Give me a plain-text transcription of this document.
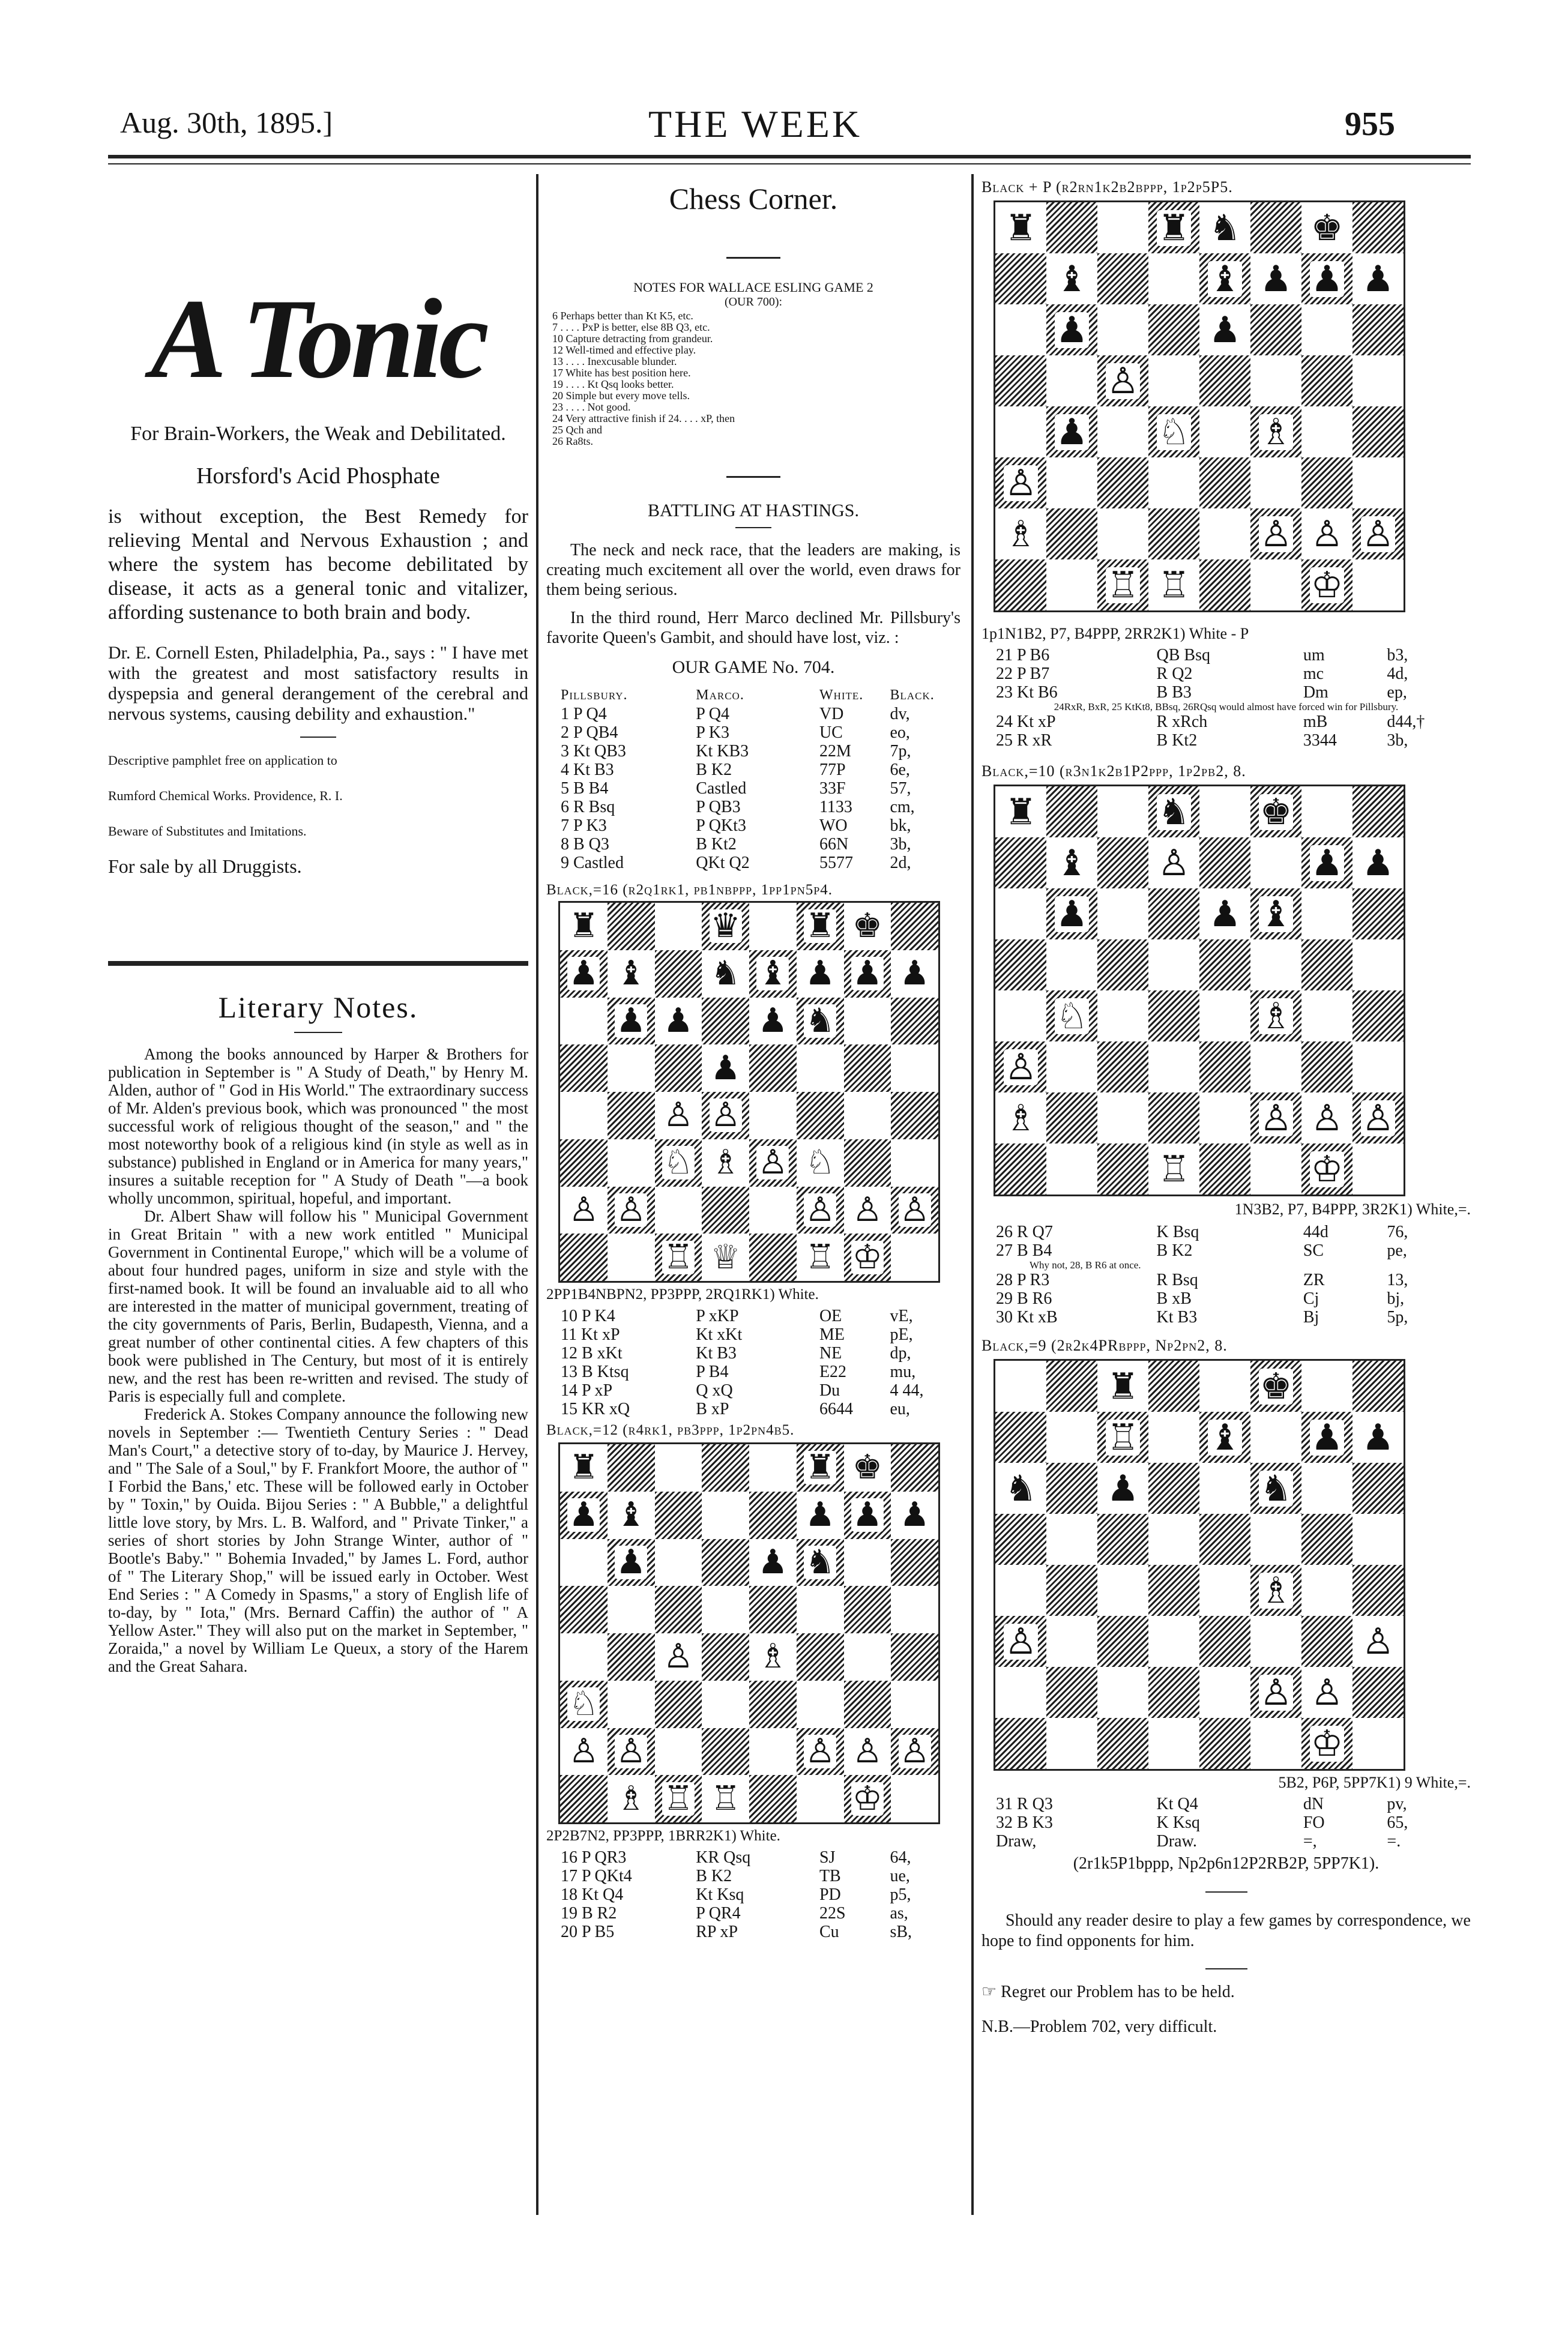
Aug. 30th, 1895.]	THE WEEK	955
A Tonic

For Brain-Workers, the Weak and Debilitated.

Horsford's Acid Phosphate

is without exception, the Best Remedy for relieving Mental and Nervous Exhaustion ; and where the system has become debilitated by disease, it acts as a general tonic and vitalizer, affording sustenance to both brain and body.

Dr. E. Cornell Esten, Philadelphia, Pa., says : " I have met with the greatest and most satisfactory results in dyspepsia and general derangement of the cerebral and nervous systems, causing debility and exhaustion."

Descriptive pamphlet free on application to

Rumford Chemical Works. Providence, R. I.

Beware of Substitutes and Imitations.

For sale by all Druggists.

Literary Notes.

Among the books announced by Harper & Brothers for publication in September is " A Study of Death," by Henry M. Alden, author of " God in His World." The extraordinary success of Mr. Alden's previous book, which was pronounced " the most successful work of religious thought of the season," and " the most noteworthy book of a religious kind (in style as well as in substance) published in England or in America for many years," insures a suitable reception for " A Study of Death "—a book wholly uncommon, spiritual, hopeful, and important.

Dr. Albert Shaw will follow his " Municipal Government in Great Britain " with a new work entitled " Municipal Government in Continental Europe," which will be a volume of about four hundred pages, uniform in size and style with the first-named book. It will be found an invaluable aid to all who are interested in the matter of municipal government, treating of the city governments of Paris, Berlin, Budapesth, Vienna, and a great number of other continental cities. A few chapters of this book were published in The Century, but most of it is entirely new, and the rest has been re-written and revised. The study of Paris is especially full and complete.

Frederick A. Stokes Company announce the following new novels in September :— Twentieth Century Series : " Dead Man's Court," a detective story of to-day, by Maurice J. Hervey, and " The Sale of a Soul," by F. Frankfort Moore, the author of " I Forbid the Bans,' etc. These will be followed early in October by " Toxin," by Ouida. Bijou Series : " A Bubble," a delightful little love story, by Mrs. L. B. Walford, and " Private Tinker," a series of short stories by John Strange Winter, author of " Bootle's Baby." " Bohemia Invaded," by James L. Ford, author of " The Literary Shop," will be issued early in October. West End Series : " A Comedy in Spasms," a story of English life of to-day, by " Iota," (Mrs. Bernard Caffin) the author of " A Yellow Aster." They will also put on the market in September, " Zoraida," a novel by William Le Queux, a story of the Harem and the Great Sahara.

Chess Corner.
NOTES FOR WALLACE ESLING GAME 2
(OUR 700):
6 Perhaps better than Kt K5, etc.
7 . . . . PxP is better, else 8B Q3, etc.
10 Capture detracting from grandeur.
12 Well-timed and effective play.
13 . . . . Inexcusable blunder.
17 White has best position here.
19 . . . . Kt Qsq looks better.
20 Simple but every move tells.
23 . . . . Not good.
24 Very attractive finish if 24. . . . xP, then
25 Qch and
26 Ra8ts.
BATTLING AT HASTINGS.

The neck and neck race, that the leaders are making, is creating much excitement all over the world, even draws for them being serious.

In the third round, Herr Marco declined Mr. Pillsbury's favorite Queen's Gambit, and should have lost, viz. :

OUR GAME No. 704.
Pillsbury.	Marco.	White.	Black.
1 P Q4	P Q4	VD	dv,
2 P QB4	P K3	UC	eo,
3 Kt QB3	Kt KB3	22M	7p,
4 Kt B3	B K2	77P	6e,
5 B B4	Castled	33F	57,
6 R Bsq	P QB3	1133	cm,
7 P K3	P QKt3	WO	bk,
8 B Q3	B Kt2	66N	3b,
9 Castled	QKt Q2	5577	2d,
Black,=16 (r2q1rk1, pb1nbppp, 1pp1pn5p4.
♜	♛ ♜ ♚
♟ ♝ ♞ ♝ ♟ ♟ ♟
♟ ♟ ♟ ♞
♟
♙ ♙
♘ ♗ ♙ ♘
♙ ♙	♙ ♙ ♙
♖ ♕ ♖ ♔
2PP1B4NBPN2, PP3PPP, 2RQ1RK1) White.
10 P K4	P xKP	OE	vE,
11 Kt xP	Kt xKt	ME	pE,
12 B xKt	Kt B3	NE	dp,
13 B Ktsq	P B4	E22	mu,
14 P xP	Q xQ	Du	4 44,
15 KR xQ	B xP	6644	eu,
Black,=12 (r4rk1, pb3ppp, 1p2pn4b5.
♜	♜ ♚
♟ ♝	♟ ♟ ♟
♟	♟ ♞
♙ ♗
♘
♙ ♙	♙ ♙ ♙
♗ ♖ ♖	♔
2P2B7N2, PP3PPP, 1BRR2K1) White.
16 P QR3	KR Qsq	SJ	64,
17 P QKt4	B K2	TB	ue,
18 Kt Q4	Kt Ksq	PD	p5,
19 B R2	P QR4	22S	as,
20 P B5	RP xP	Cu	sB,
Black + P (r2rn1k2b2bppp, 1p2p5P5.
♜	♜ ♞ ♚
♝	♝ ♟ ♟ ♟
♟	♟
♙
♟ ♘ ♗
♙
♗	♙ ♙ ♙
♖ ♖	♔
1p1N1B2, P7, B4PPP, 2RR2K1) White - P
21 P B6	QB Bsq	um	b3,
22 P B7	R Q2	mc	4d,
23 Kt B6	B B3	Dm	ep,
24RxR, BxR, 25 KtKt8, BBsq, 26RQsq would almost have forced win for Pillsbury.
24 Kt xP	R xRch	mB	d44,†
25 R xR	B Kt2	3344	3b,
Black,=10 (r3n1k2b1P2ppp, 1p2pb2, 8.
♜	♞ ♚
♝ ♙	♟ ♟
♟	♟ ♝
♘	♗
♙
♗	♙ ♙ ♙
♖	♔
1N3B2, P7, B4PPP, 3R2K1) White,=.
26 R Q7	K Bsq	44d	76,
27 B B4	B K2	SC	pe,
Why not, 28, B R6 at once.
28 P R3	R Bsq	ZR	13,
29 B R6	B xB	Cj	bj,
30 Kt xB	Kt B3	Bj	5p,
Black,=9 (2r2k4PRbppp, Np2pn2, 8.
♜	♚
♖ ♝ ♟ ♟
♞ ♟	♞
♗
♙	♙
♙ ♙
♔
5B2, P6P, 5PP7K1) 9 White,=.
31 R Q3	Kt Q4	dN	pv,
32 B K3	K Ksq	FO	65,
Draw,	Draw.	=,	=.
(2r1k5P1bppp, Np2p6n12P2RB2P, 5PP7K1).

Should any reader desire to play a few games by correspondence, we hope to find opponents for him.

☞ Regret our Problem has to be held.
N.B.—Problem 702, very difficult.
